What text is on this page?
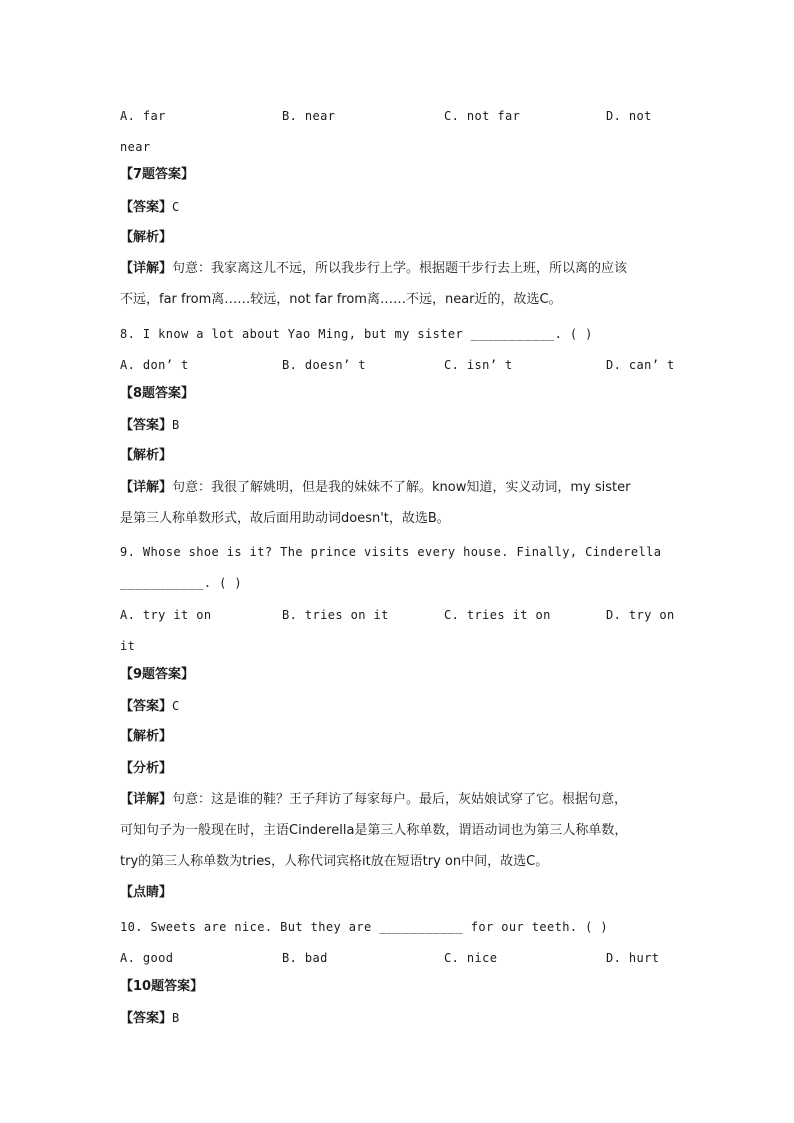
A. far	B. near	C. not far	D. not
near
【7题答案】
【答案】C
【解析】
【详解】句意：我家离这儿不远，所以我步行上学。根据题干步行去上班，所以离的应该
不远，far from离……较远，not far from离……不远，near近的，故选C。
8. I know a lot about Yao Ming, but my sister ___________. ( )
A. don’ t	B. doesn’ t	C. isn’ t	D. can’ t
【8题答案】
【答案】B
【解析】
【详解】句意：我很了解姚明，但是我的妹妹不了解。know知道，实义动词，my sister
是第三人称单数形式，故后面用助动词doesn't，故选B。
9. Whose shoe is it? The prince visits every house. Finally, Cinderella
___________. ( )
A. try it on	B. tries on it	C. tries it on	D. try on
it
【9题答案】
【答案】C
【解析】
【分析】
【详解】句意：这是谁的鞋？王子拜访了每家每户。最后，灰姑娘试穿了它。根据句意，
可知句子为一般现在时，主语Cinderella是第三人称单数，谓语动词也为第三人称单数，
try的第三人称单数为tries，人称代词宾格it放在短语try on中间，故选C。
【点睛】
10. Sweets are nice. But they are ___________ for our teeth. ( )
A. good	B. bad	C. nice	D. hurt
【10题答案】
【答案】B
